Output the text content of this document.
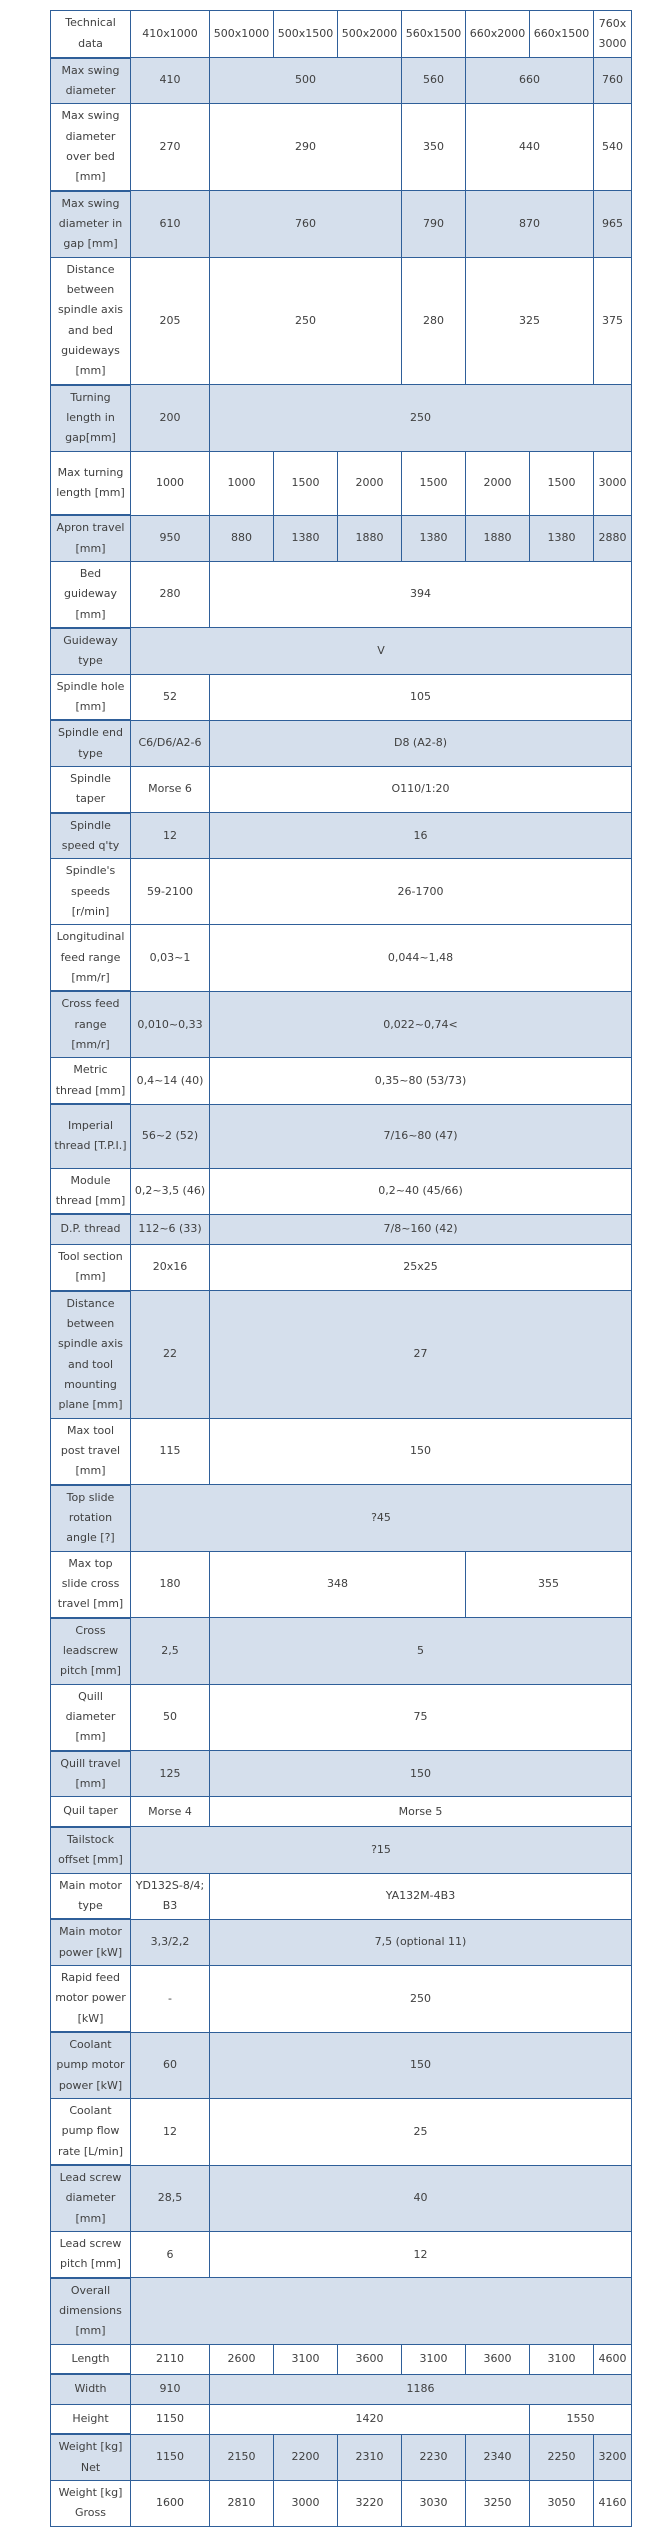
Technical data	410x1000	500x1000	500x1500	500x2000	560x1500	660x2000	660x1500	760x3000
Max swing diameter	410	500			560	660		760
Max swing diameter over bed [mm]	270	290			350	440		540
Max swing diameter in gap [mm]	610	760			790	870		965
Distance between spindle axis and bed guideways [mm]	205	250			280	325		375
Turning length in gap[mm]	200	250						
Max turning length [mm]	1000	1000	1500	2000	1500	2000	1500	3000
Apron travel [mm]	950	880	1380	1880	1380	1880	1380	2880
Bed guideway [mm]	280	394						
Guideway type	V							
Spindle hole [mm]	52	105						
Spindle end type	C6/D6/A2-6	D8 (A2-8)						
Spindle taper	Morse 6	O110/1:20						
Spindle speed q'ty	12	16						
Spindle's speeds [r/min]	59-2100	26-1700						
Longitudinal feed range [mm/r]	0,03~1	0,044~1,48						
Cross feed range [mm/r]	0,010~0,33	0,022~0,74<						
Metric thread [mm]	0,4~14 (40)	0,35~80 (53/73)						
Imperial thread [T.P.I.]	56~2 (52)	7/16~80 (47)						
Module thread [mm]	0,2~3,5 (46)	0,2~40 (45/66)						
D.P. thread	112~6 (33)	7/8~160 (42)						
Tool section [mm]	20x16	25x25						
Distance between spindle axis and tool mounting plane [mm]	22	27						
Max tool post travel [mm]	115	150						
Top slide rotation angle [?]	?45							
Max top slide cross travel [mm]	180	348				355		
Cross leadscrew pitch [mm]	2,5	5						
Quill diameter [mm]	50	75						
Quill travel [mm]	125	150						
Quil taper	Morse 4	Morse 5						
Tailstock offset [mm]	?15							
Main motor type	YD132S-8/4; B3	YA132M-4B3						
Main motor power [kW]	3,3/2,2	7,5 (optional 11)						
Rapid feed motor power [kW]	-	250						
Coolant pump motor power [kW]	60	150						
Coolant pump flow rate [L/min]	12	25						
Lead screw diameter [mm]	28,5	40						
Lead screw pitch [mm]	6	12						
Overall dimensions [mm]								
Length	2110	2600	3100	3600	3100	3600	3100	4600
Width	910	1186						
Height	1150	1420					1550	
Weight [kg] Net	1150	2150	2200	2310	2230	2340	2250	3200
Weight [kg] Gross	1600	2810	3000	3220	3030	3250	3050	4160
